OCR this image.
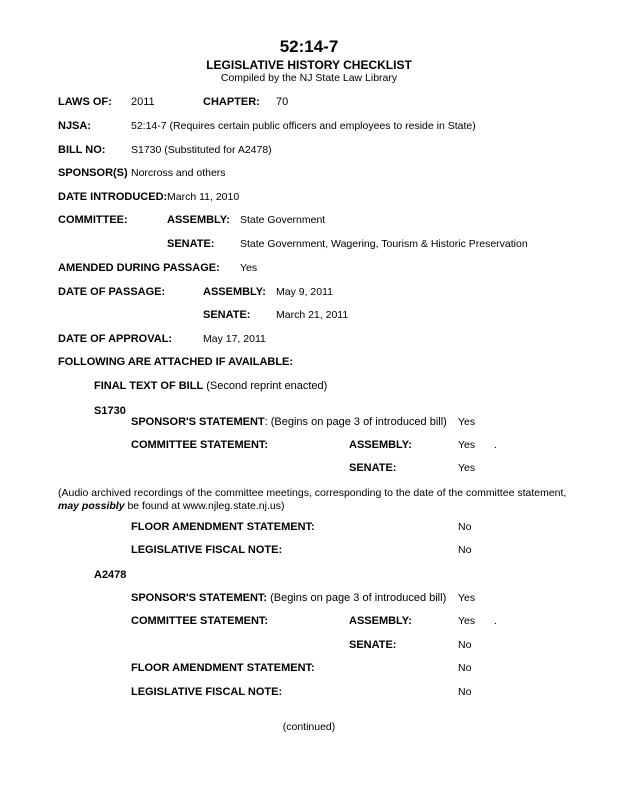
52:14-7
LEGISLATIVE HISTORY CHECKLIST
Compiled by the NJ State Law Library
LAWS OF: 2011	CHAPTER: 70
NJSA:	52:14-7 (Requires certain public officers and employees to reside in State)
BILL NO: S1730 (Substituted for A2478)
SPONSOR(S) Norcross and others
DATE INTRODUCED: March 11, 2010
COMMITTEE:	ASSEMBLY: State Government
SENATE: State Government, Wagering, Tourism & Historic Preservation
AMENDED DURING PASSAGE: Yes
DATE OF PASSAGE:	ASSEMBLY: May 9, 2011
SENATE: March 21, 2011
DATE OF APPROVAL:	May 17, 2011
FOLLOWING ARE ATTACHED IF AVAILABLE:
FINAL TEXT OF BILL (Second reprint enacted)
S1730
SPONSOR'S STATEMENT: (Begins on page 3 of introduced bill) Yes
COMMITTEE STATEMENT:	ASSEMBLY:	Yes .
SENATE:	Yes
(Audio archived recordings of the committee meetings, corresponding to the date of the committee statement, may possibly be found at www.njleg.state.nj.us)
FLOOR AMENDMENT STATEMENT:	No
LEGISLATIVE FISCAL NOTE:	No
A2478
SPONSOR'S STATEMENT: (Begins on page 3 of introduced bill) Yes
COMMITTEE STATEMENT:	ASSEMBLY:	Yes .
SENATE:	No
FLOOR AMENDMENT STATEMENT:	No
LEGISLATIVE FISCAL NOTE:	No
(continued)
